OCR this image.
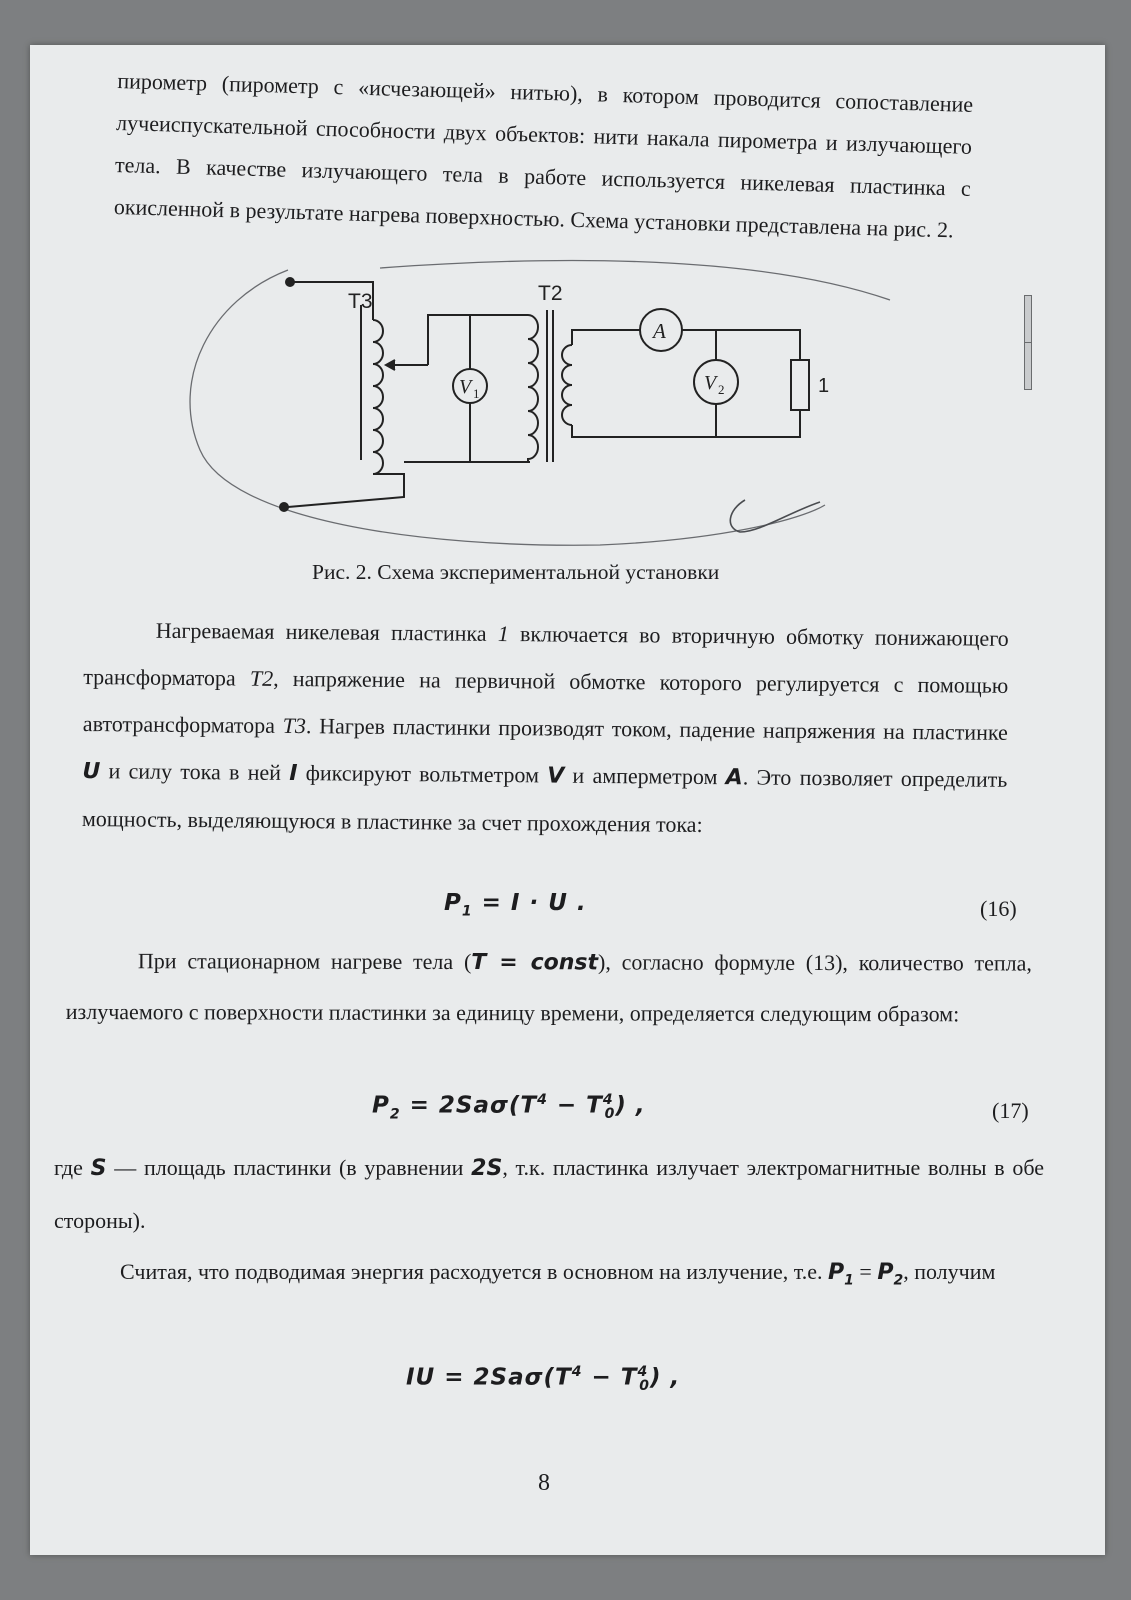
пирометр (пирометр с «исчезающей» нитью), в котором проводится сопоставление лучеиспускательной способности двух объектов: нити накала пирометра и излучающего тела. В качестве излучающего тела в работе используется никелевая пластинка с окисленной в результате нагрева поверхностью. Схема установки представлена на рис. 2.

T3	T2
A
V 1	V 2	1
Рис. 2. Схема экспериментальной установки

Нагреваемая никелевая пластинка 1 включается во вторичную обмотку понижающего трансформатора T2, напряжение на первичной обмотке которого регулируется с помощью автотрансформатора T3. Нагрев пластинки производят током, падение напряжения на пластинке U и силу тока в ней I фиксируют вольтметром V и амперметром A. Это позволяет определить мощность, выделяющуюся в пластинке за счет прохождения тока:

$P_1 = I \cdot U$ .	(16)

При стационарном нагреве тела (T = const), согласно формуле (13), количество тепла, излучаемого с поверхности пластинки за единицу времени, определяется следующим образом:

$P_2 = 2Sa\sigma(T^4 - T^4_0)$ ,	(17)

где S — площадь пластинки (в уравнении 2S, т.к. пластинка излучает электромагнитные волны в обе стороны).

Считая, что подводимая энергия расходуется в основном на излучение, т.е. $P_1 = P_2$, получим

IU = $2Sa\sigma(T^4 - T^4_0)$ ,
8
